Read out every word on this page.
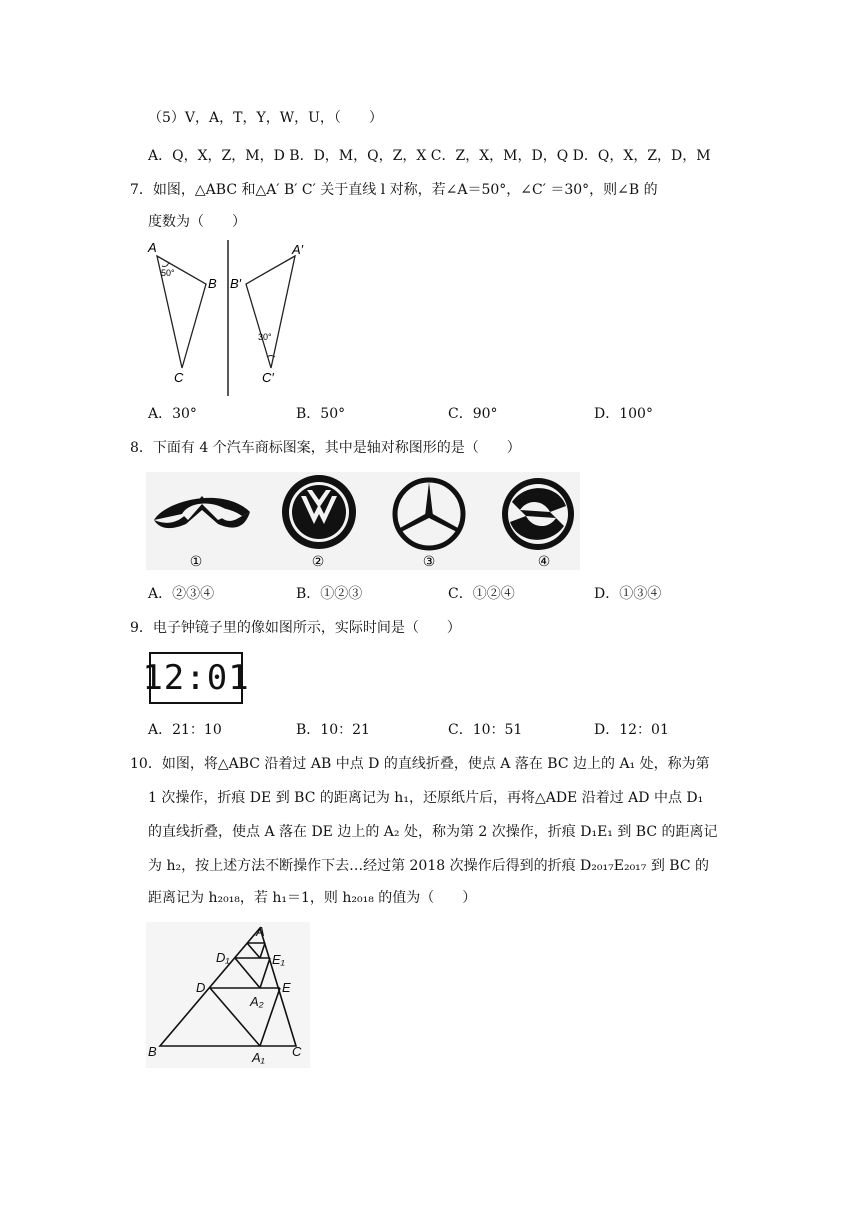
（5）V，A，T，Y，W，U，（　　）
A．Q，X，Z，M，D B．D，M，Q，Z，X C．Z，X，M，D，Q D．Q，X，Z，D，M
7．如图，△ABC 和△A′ B′ C′ 关于直线 l 对称，若∠A＝50°，∠C′ ＝30°，则∠B 的
度数为（　　）
A
50°
B
C
A′
B′
30°
C′
A．30°	B．50°	C．90°	D．100°
8．下面有 4 个汽车商标图案，其中是轴对称图形的是（　　）
①	②	③	④
A．②③④	B．①②③	C．①②④	D．①③④
9．电子钟镜子里的像如图所示，实际时间是（　　）
12:01
A．21：10	B．10：21	C．10：51	D．12：01
10．如图，将△ABC 沿着过 AB 中点 D 的直线折叠，使点 A 落在 BC 边上的 A₁ 处，称为第
1 次操作，折痕 DE 到 BC 的距离记为 h₁，还原纸片后，再将△ADE 沿着过 AD 中点 D₁
的直线折叠，使点 A 落在 DE 边上的 A₂ 处，称为第 2 次操作，折痕 D₁E₁ 到 BC 的距离记
为 h₂，按上述方法不断操作下去…经过第 2018 次操作后得到的折痕 D₂₀₁₇E₂₀₁₇ 到 BC 的
距离记为 h₂₀₁₈，若 h₁＝1，则 h₂₀₁₈ 的值为（　　）
A
D₁	E₁
D	E
A₂
B	A₁ C
